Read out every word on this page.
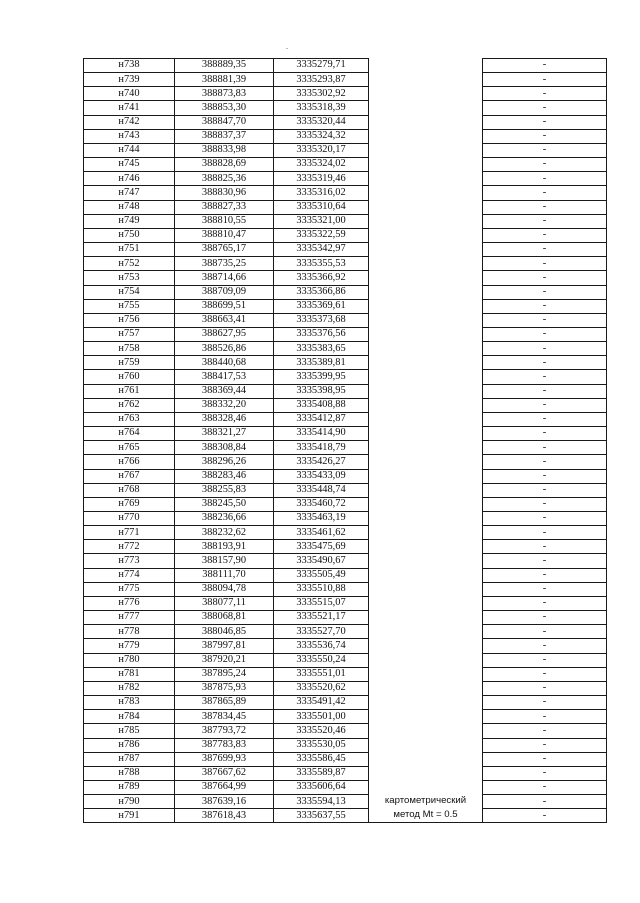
н738	388889,35	3335279,71		-
н739	388881,39	3335293,87		-
н740	388873,83	3335302,92		-
н741	388853,30	3335318,39		-
н742	388847,70	3335320,44		-
н743	388837,37	3335324,32		-
н744	388833,98	3335320,17		-
н745	388828,69	3335324,02		-
н746	388825,36	3335319,46		-
н747	388830,96	3335316,02		-
н748	388827,33	3335310,64		-
н749	388810,55	3335321,00		-
н750	388810,47	3335322,59		-
н751	388765,17	3335342,97		-
н752	388735,25	3335355,53		-
н753	388714,66	3335366,92		-
н754	388709,09	3335366,86		-
н755	388699,51	3335369,61		-
н756	388663,41	3335373,68		-
н757	388627,95	3335376,56		-
н758	388526,86	3335383,65		-
н759	388440,68	3335389,81		-
н760	388417,53	3335399,95		-
н761	388369,44	3335398,95		-
н762	388332,20	3335408,88		-
н763	388328,46	3335412,87		-
н764	388321,27	3335414,90		-
н765	388308,84	3335418,79		-
н766	388296,26	3335426,27		-
н767	388283,46	3335433,09		-
н768	388255,83	3335448,74		-
н769	388245,50	3335460,72		-
н770	388236,66	3335463,19		-
н771	388232,62	3335461,62		-
н772	388193,91	3335475,69		-
н773	388157,90	3335490,67		-
н774	388111,70	3335505,49		-
н775	388094,78	3335510,88		-
н776	388077,11	3335515,07		-
н777	388068,81	3335521,17		-
н778	388046,85	3335527,70		-
н779	387997,81	3335536,74		-
н780	387920,21	3335550,24		-
н781	387895,24	3335551,01		-
н782	387875,93	3335520,62		-
н783	387865,89	3335491,42		-
н784	387834,45	3335501,00		-
н785	387793,72	3335520,46		-
н786	387783,83	3335530,05		-
н787	387699,93	3335586,45		-
н788	387667,62	3335589,87		-
н789	387664,99	3335606,64		-
н790	387639,16	3335594,13	картометрический	-
н791	387618,43	3335637,55	метод Mt = 0.5	-
